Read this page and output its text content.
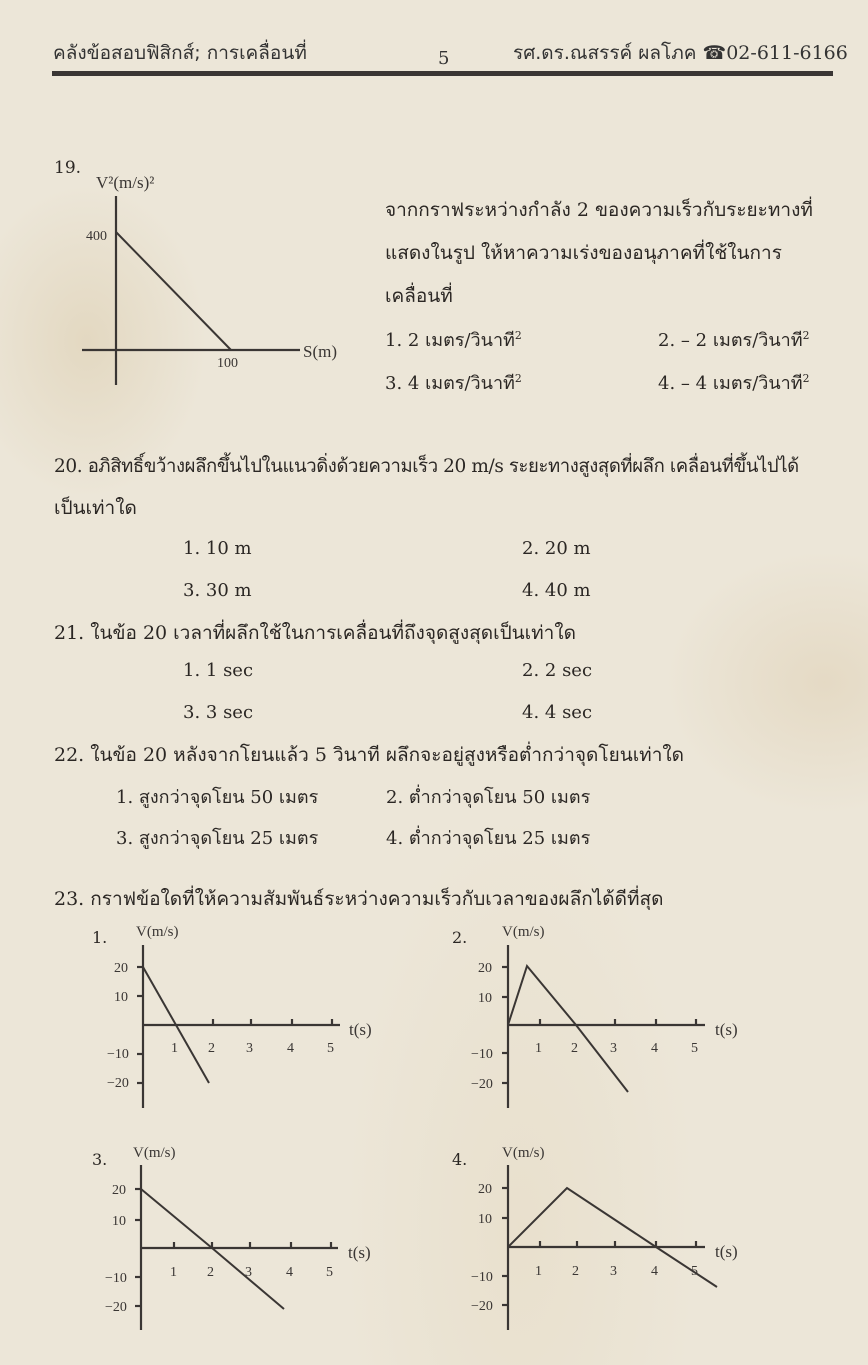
คลังข้อสอบฟิสิกส์; การเคลื่อนที่	5	รศ.ดร.ณสรรค์ ผลโภค ☎02-611-6166
19.
400
100
V²(m/s)²
S(m)
จากกราฟระหว่างกำลัง 2 ของความเร็วกับระยะทางที่
แสดงในรูป ให้หาความเร่งของอนุภาคที่ใช้ในการ
เคลื่อนที่
1. 2 เมตร/วินาที$^2$	2. – 2 เมตร/วินาที$^2$
3. 4 เมตร/วินาที$^2$	4. – 4 เมตร/วินาที$^2$
20. อภิสิทธิ์ขว้างผลึกขึ้นไปในแนวดิ่งด้วยความเร็ว 20 m/s ระยะทางสูงสุดที่ผลึก เคลื่อนที่ขึ้นไปได้
เป็นเท่าใด
1. 10 m	2. 20 m
3. 30 m	4. 40 m
21. ในข้อ 20 เวลาที่ผลึกใช้ในการเคลื่อนที่ถึงจุดสูงสุดเป็นเท่าใด
1. 1 sec	2. 2 sec
3. 3 sec	4. 4 sec
22. ในข้อ 20 หลังจากโยนแล้ว 5 วินาที ผลึกจะอยู่สูงหรือต่ำกว่าจุดโยนเท่าใด
1. สูงกว่าจุดโยน 50 เมตร	2. ต่ำกว่าจุดโยน 50 เมตร
3. สูงกว่าจุดโยน 25 เมตร	4. ต่ำกว่าจุดโยน 25 เมตร
23. กราฟข้อใดที่ให้ความสัมพันธ์ระหว่างความเร็วกับเวลาของผลึกได้ดีที่สุด
1. V(m/s)
20
10
−10
−20
1 2 3 4 5
t(s)
2. V(m/s)
20
10
−10
−20
1 2 3 4 5
t(s)
3. V(m/s)
20
10
−10
−20
1 2 3 4 5
t(s)
4. V(m/s)
20
10
−10
−20
1 2 3 4 5
t(s)
